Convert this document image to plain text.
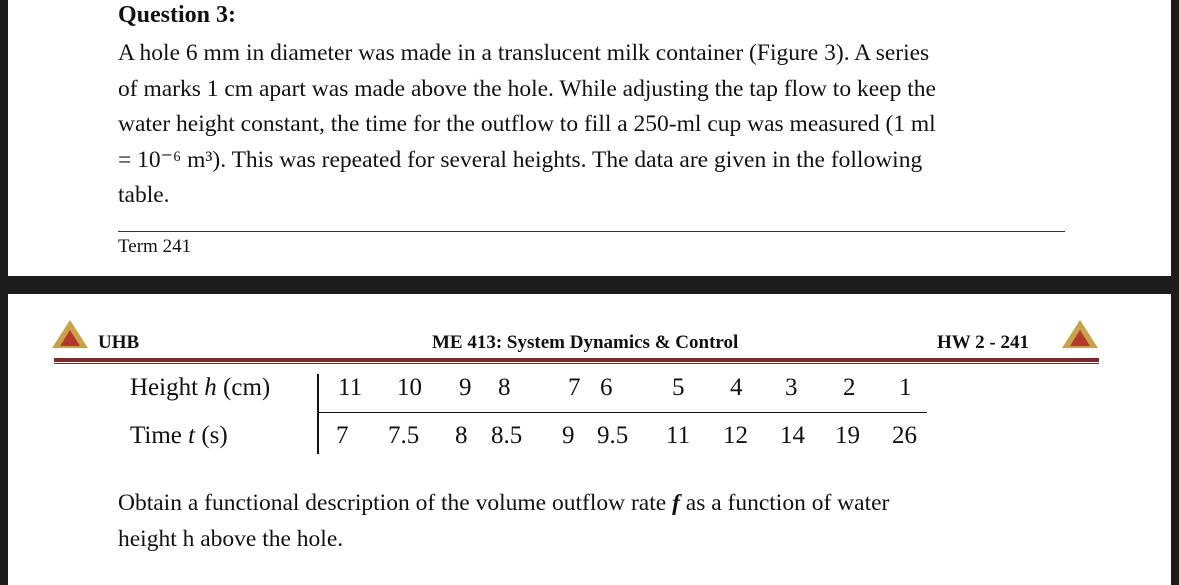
Question 3:
A hole 6 mm in diameter was made in a translucent milk container (Figure 3). A series
of marks 1 cm apart was made above the hole. While adjusting the tap flow to keep the
water height constant, the time for the outflow to fill a 250-ml cup was measured (1 ml
= 10⁻⁶ m³). This was repeated for several heights. The data are given in the following
table.
Term 241
UHB	ME 413: System Dynamics & Control	HW 2 - 241
Height h (cm)	11 10 9 8 7 6 5 4 3 2 1
Time t (s)	7 7.5 8 8.5 9 9.5 11 12 14 19 26
Obtain a functional description of the volume outflow rate f as a function of water
height h above the hole.
